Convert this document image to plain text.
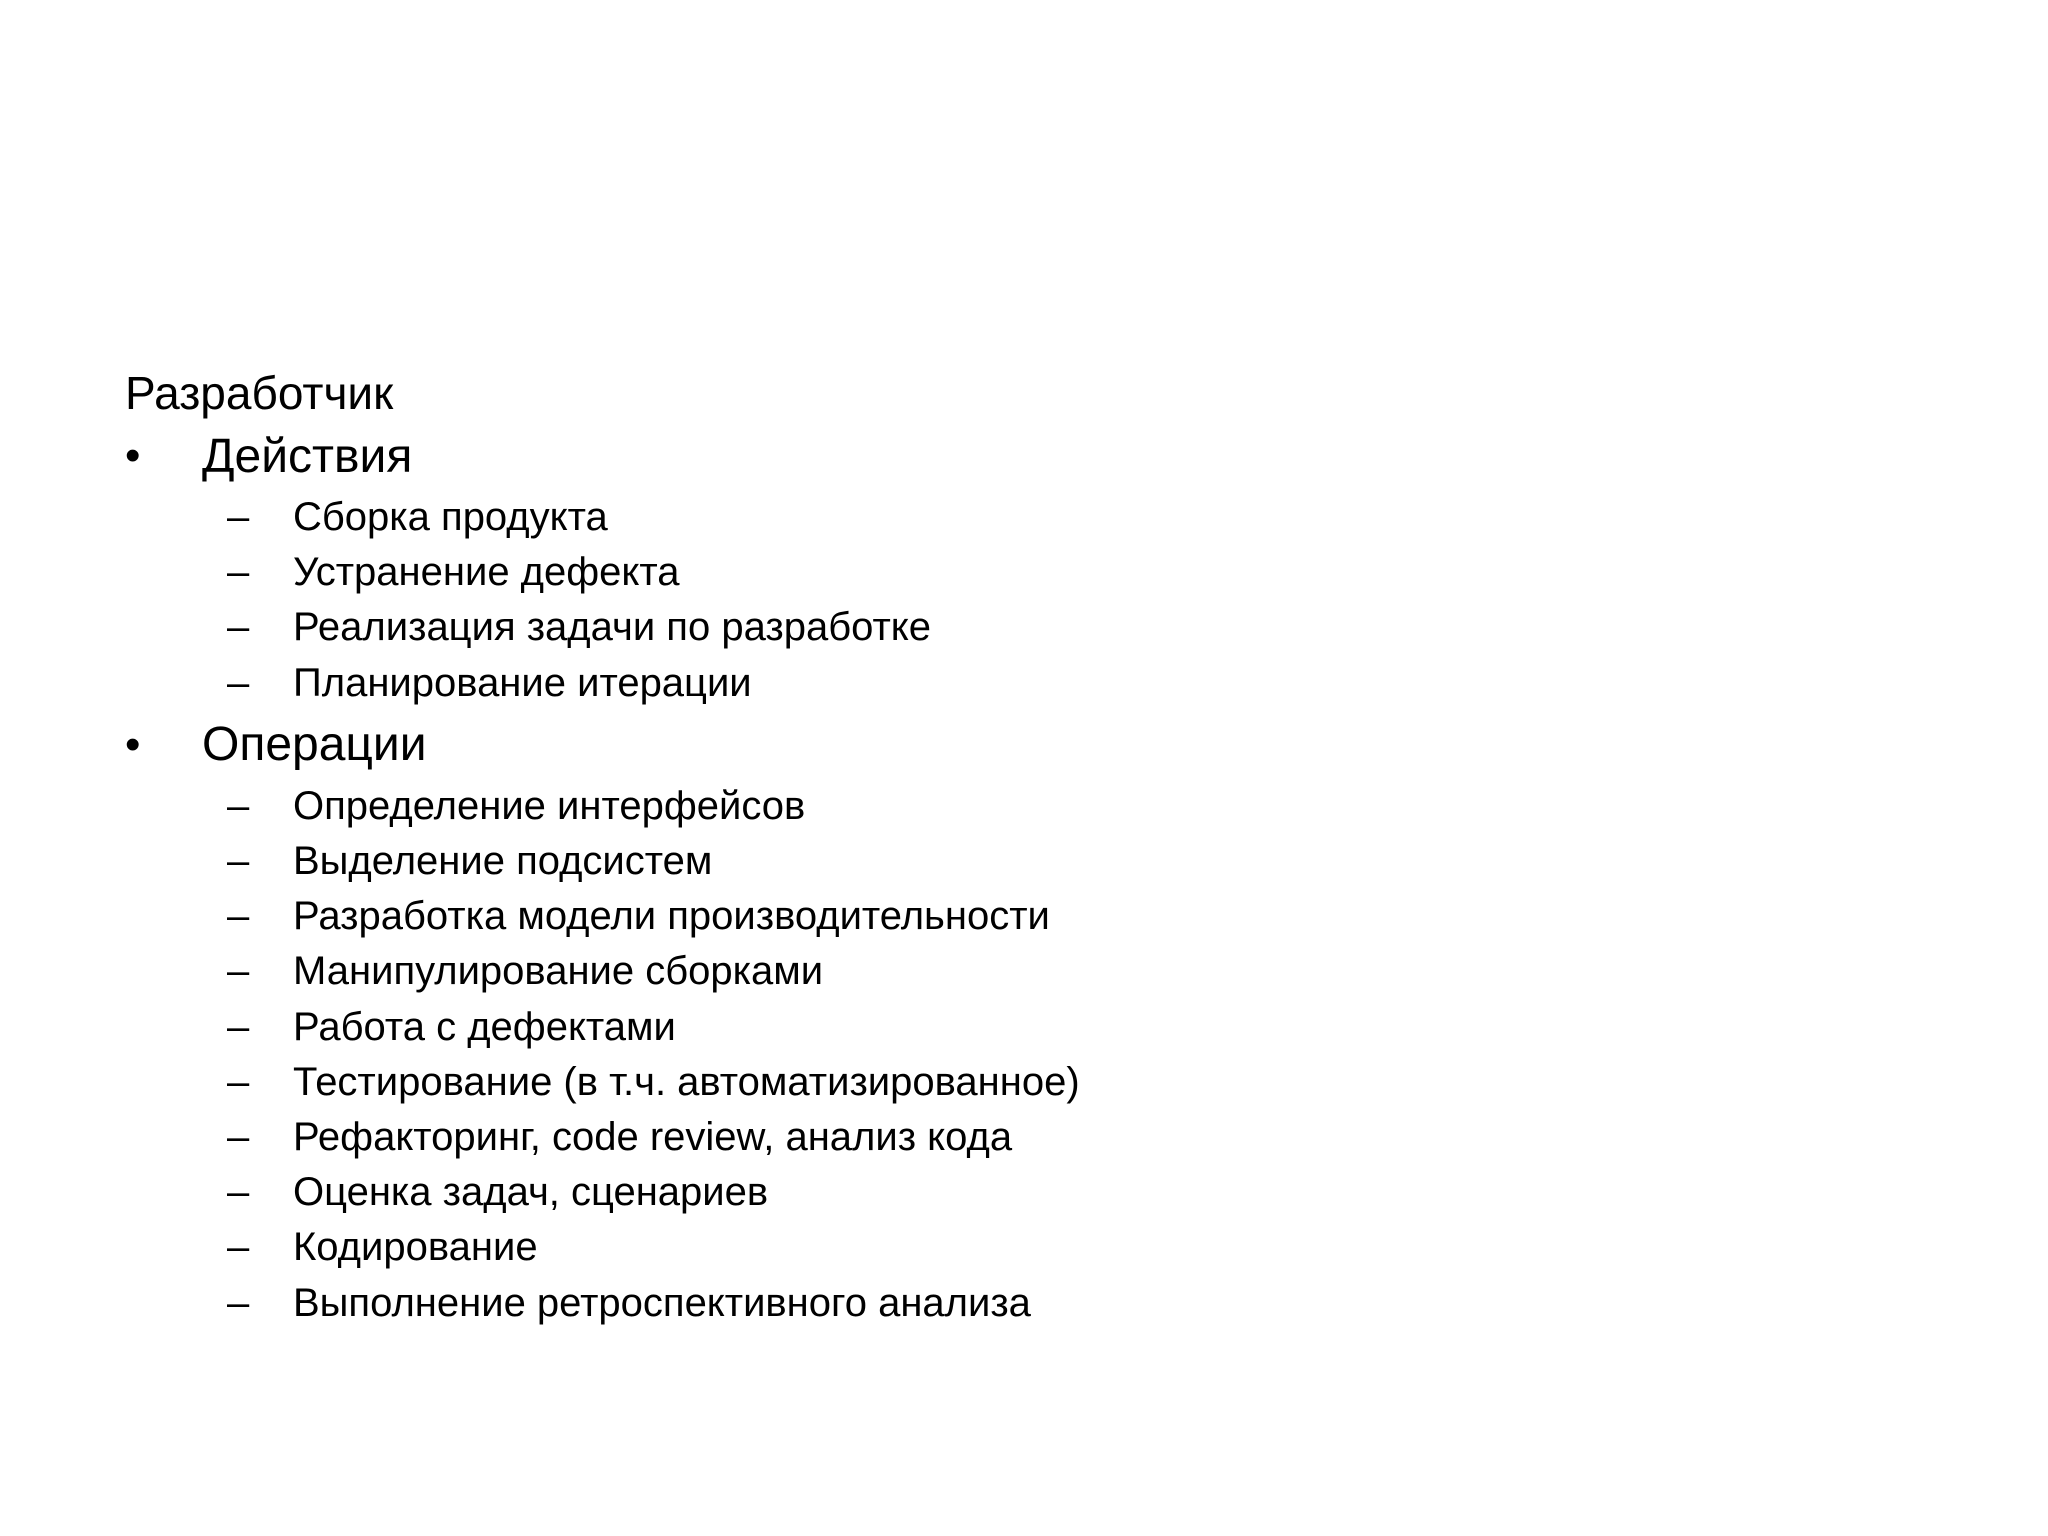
Разработчик
•	Действия
–	Сборка продукта
–	Устранение дефекта
–	Реализация задачи по разработке
–	Планирование итерации
•	Операции
–	Определение интерфейсов
–	Выделение подсистем
–	Разработка модели производительности
–	Манипулирование сборками
–	Работа с дефектами
–	Тестирование (в т.ч. автоматизированное)
–	Рефакторинг, code review, анализ кода
–	Оценка задач, сценариев
–	Кодирование
–	Выполнение ретроспективного анализа
